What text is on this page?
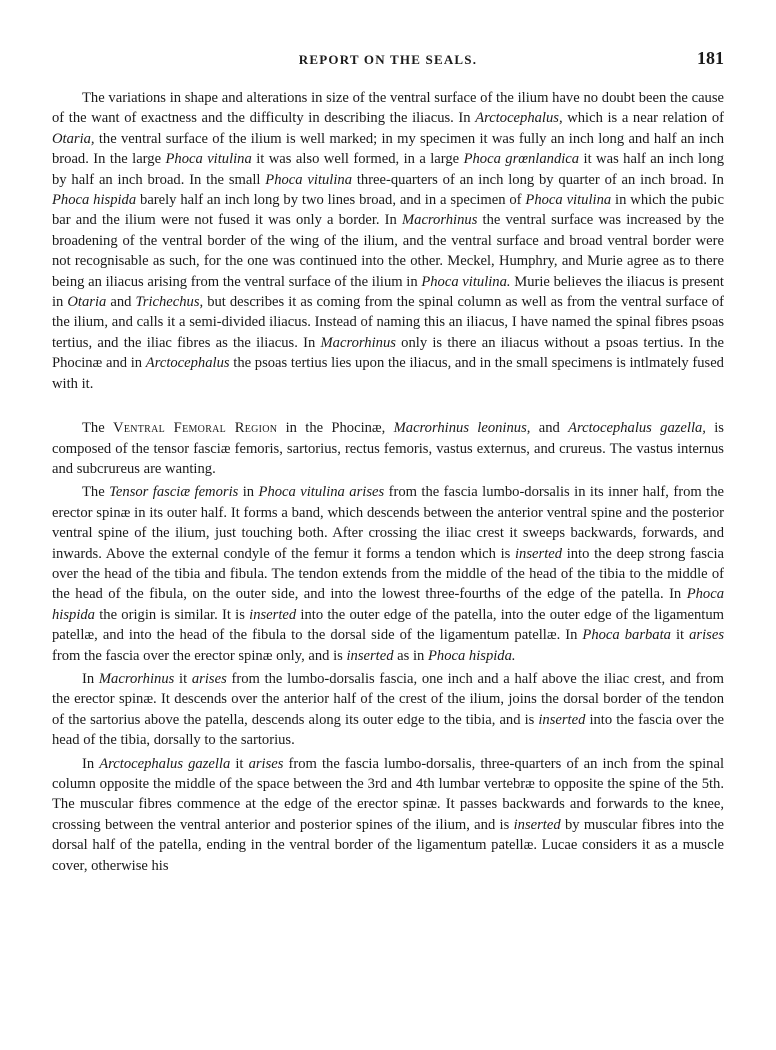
REPORT ON THE SEALS.	181

The variations in shape and alterations in size of the ventral surface of the ilium have no doubt been the cause of the want of exactness and the difficulty in describing the iliacus. In Arctocephalus, which is a near relation of Otaria, the ventral surface of the ilium is well marked; in my specimen it was fully an inch long and half an inch broad. In the large Phoca vitulina it was also well formed, in a large Phoca grœnlandica it was half an inch long by half an inch broad. In the small Phoca vitulina three-quarters of an inch long by quarter of an inch broad. In Phoca hispida barely half an inch long by two lines broad, and in a specimen of Phoca vitulina in which the pubic bar and the ilium were not fused it was only a border. In Macrorhinus the ventral surface was increased by the broadening of the ventral border of the wing of the ilium, and the ventral surface and broad ventral border were not recognisable as such, for the one was continued into the other. Meckel, Humphry, and Murie agree as to there being an iliacus arising from the ventral surface of the ilium in Phoca vitulina. Murie believes the iliacus is present in Otaria and Trichechus, but describes it as coming from the spinal column as well as from the ventral surface of the ilium, and calls it a semi-divided iliacus. Instead of naming this an iliacus, I have named the spinal fibres psoas tertius, and the iliac fibres as the iliacus. In Macrorhinus only is there an iliacus without a psoas tertius. In the Phocinæ and in Arctocephalus the psoas tertius lies upon the iliacus, and in the small specimens is intlmately fused with it.

The Ventral Femoral Region in the Phocinæ, Macrorhinus leoninus, and Arctocephalus gazella, is composed of the tensor fasciæ femoris, sartorius, rectus femoris, vastus externus, and crureus. The vastus internus and subcrureus are wanting.

The Tensor fasciæ femoris in Phoca vitulina arises from the fascia lumbo-dorsalis in its inner half, from the erector spinæ in its outer half. It forms a band, which descends between the anterior ventral spine and the posterior ventral spine of the ilium, just touching both. After crossing the iliac crest it sweeps backwards, forwards, and inwards. Above the external condyle of the femur it forms a tendon which is inserted into the deep strong fascia over the head of the tibia and fibula. The tendon extends from the middle of the head of the tibia to the middle of the head of the fibula, on the outer side, and into the lowest three-fourths of the edge of the patella. In Phoca hispida the origin is similar. It is inserted into the outer edge of the patella, into the outer edge of the ligamentum patellæ, and into the head of the fibula to the dorsal side of the ligamentum patellæ. In Phoca barbata it arises from the fascia over the erector spinæ only, and is inserted as in Phoca hispida.

In Macrorhinus it arises from the lumbo-dorsalis fascia, one inch and a half above the iliac crest, and from the erector spinæ. It descends over the anterior half of the crest of the ilium, joins the dorsal border of the tendon of the sartorius above the patella, descends along its outer edge to the tibia, and is inserted into the fascia over the head of the tibia, dorsally to the sartorius.

In Arctocephalus gazella it arises from the fascia lumbo-dorsalis, three-quarters of an inch from the spinal column opposite the middle of the space between the 3rd and 4th lumbar vertebræ to opposite the spine of the 5th. The muscular fibres commence at the edge of the erector spinæ. It passes backwards and forwards to the knee, crossing between the ventral anterior and posterior spines of the ilium, and is inserted by muscular fibres into the dorsal half of the patella, ending in the ventral border of the ligamentum patellæ. Lucae considers it as a muscle cover, otherwise his
